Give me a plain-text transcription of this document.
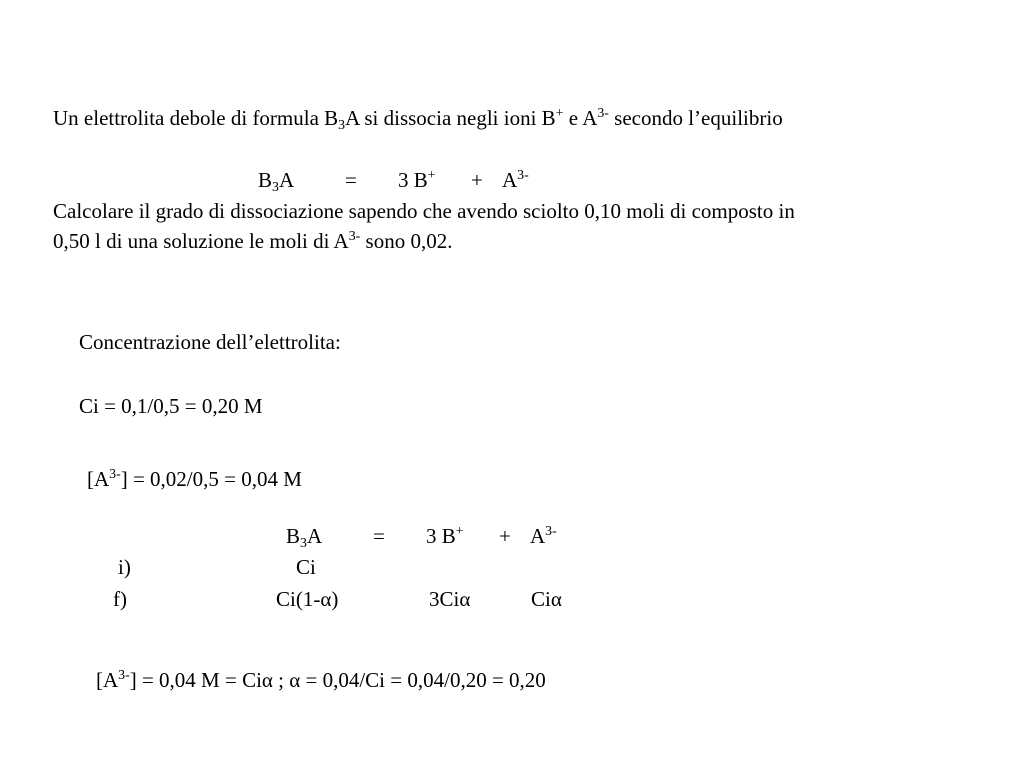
Un elettrolita debole di formula $B_3A$ si dissocia negli ioni B+ e $A^{3-}$ secondo l’equilibrio
$B_3A = 3$ $B^+ + A^{3-}$
Calcolare il grado di dissociazione sapendo che avendo sciolto 0,10 moli di composto in
0,50 l di una soluzione le moli di $A^{3-}$ sono 0,02.
Concentrazione dell’elettrolita:
Ci = 0,1/0,5 = 0,20 M
$[A^{3-}] = 0,02/0,5 = 0,04$ M
$B_3A = 3$ $B^+ + A^{3-}$
i)	Ci
f)	Ci(1-α)	3Ciα	Ciα
$[A^{3-}] = 0,04$ M = Ciα ; α = 0,04/Ci = 0,04/0,20 = 0,20
